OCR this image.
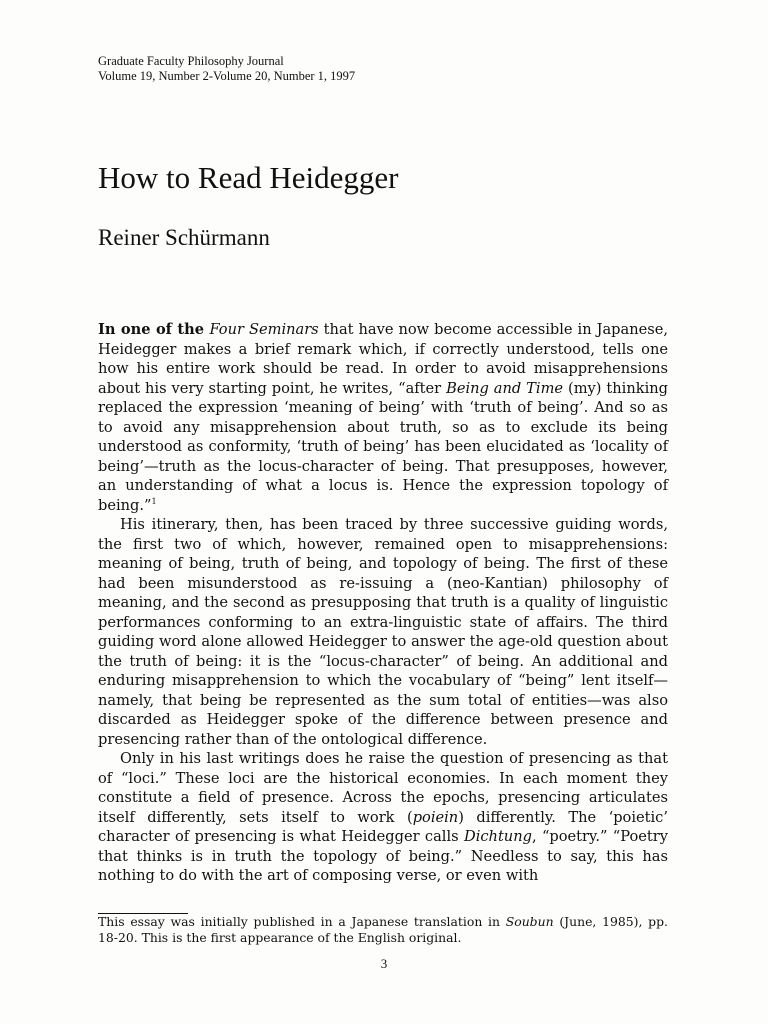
Graduate Faculty Philosophy Journal
Volume 19, Number 2-Volume 20, Number 1, 1997
How to Read Heidegger
Reiner Schürmann

In one of the Four Seminars that have now become accessible in Japanese, Heidegger makes a brief remark which, if correctly understood, tells one how his entire work should be read. In order to avoid misapprehensions about his very starting point, he writes, “after Being and Time (my) thinking replaced the expression ‘meaning of being’ with ‘truth of being’. And so as to avoid any misapprehension about truth, so as to exclude its being understood as conformity, ‘truth of being’ has been elucidated as ‘locality of being’—truth as the locus-character of being. That presupposes, however, an understanding of what a locus is. Hence the expression topology of being.”$^1$

His itinerary, then, has been traced by three successive guiding words, the first two of which, however, remained open to misapprehensions: meaning of being, truth of being, and topology of being. The first of these had been misunderstood as re-issuing a (neo-Kantian) philosophy of meaning, and the second as presupposing that truth is a quality of linguistic performances conforming to an extra-linguistic state of affairs. The third guiding word alone allowed Heidegger to answer the age-old question about the truth of being: it is the “locus-character” of being. An additional and enduring misapprehension to which the vocabulary of “being” lent itself—namely, that being be represented as the sum total of entities—was also discarded as Heidegger spoke of the difference between presence and presencing rather than of the ontological difference.

Only in his last writings does he raise the question of presencing as that of “loci.” These loci are the historical economies. In each moment they constitute a field of presence. Across the epochs, presencing articulates itself differently, sets itself to work (poiein) differently. The ‘poietic’ character of presencing is what Heidegger calls Dichtung, “poetry.” “Poetry that thinks is in truth the topology of being.” Needless to say, this has nothing to do with the art of composing verse, or even with

This essay was initially published in a Japanese translation in Soubun (June, 1985), pp. 18-20. This is the first appearance of the English original.
3
